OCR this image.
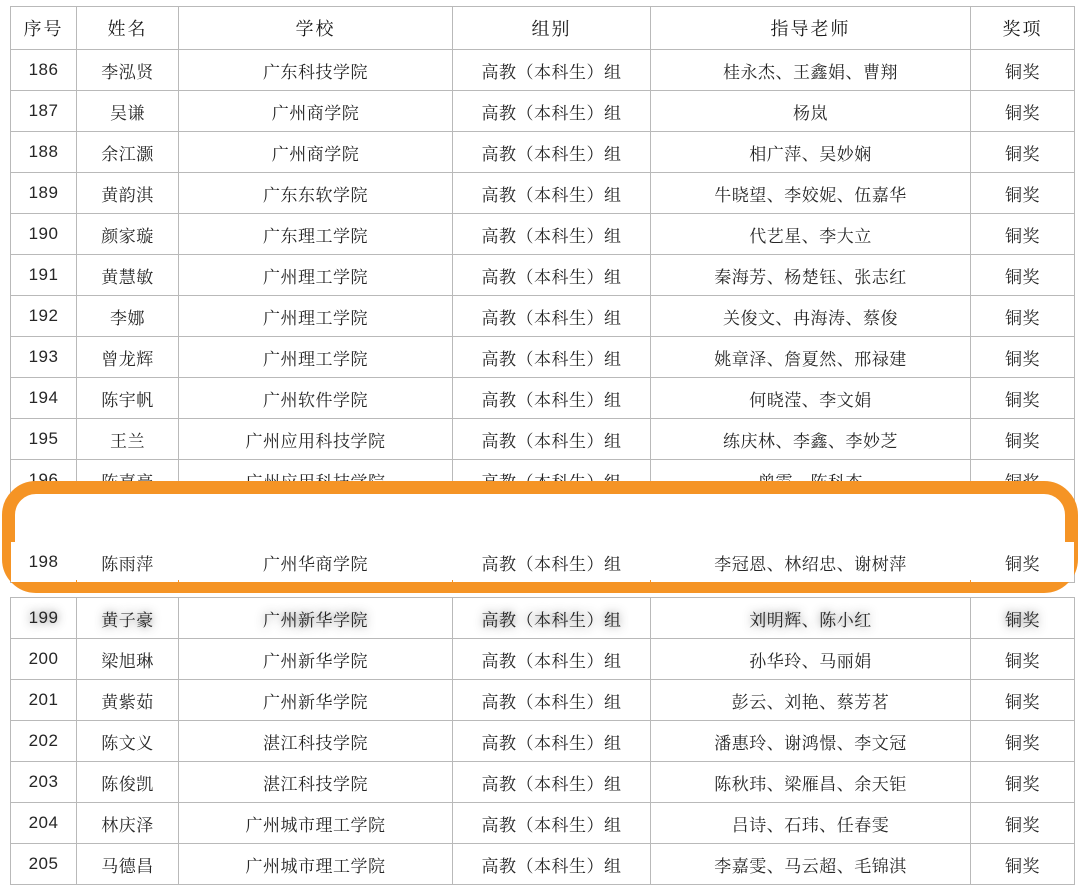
序号	姓名	学校	组别	指导老师	奖项
186	李泓贤	广东科技学院	高教（本科生）组	桂永杰、王鑫娟、曹翔	铜奖
187	吴谦	广州商学院	高教（本科生）组	杨岚	铜奖
188	余江灏	广州商学院	高教（本科生）组	相广萍、吴妙娴	铜奖
189	黄韵淇	广东东软学院	高教（本科生）组	牛晓望、李姣妮、伍嘉华	铜奖
190	颜家璇	广东理工学院	高教（本科生）组	代艺星、李大立	铜奖
191	黄慧敏	广州理工学院	高教（本科生）组	秦海芳、杨楚钰、张志红	铜奖
192	李娜	广州理工学院	高教（本科生）组	关俊文、冉海涛、蔡俊	铜奖
193	曾龙辉	广州理工学院	高教（本科生）组	姚章泽、詹夏然、邢禄建	铜奖
194	陈宇帆	广州软件学院	高教（本科生）组	何晓滢、李文娟	铜奖
195	王兰	广州应用科技学院	高教（本科生）组	练庆林、李鑫、李妙芝	铜奖
196	陈嘉豪	广州应用科技学院	高教（本科生）组	曾霞、陈科杰	铜奖

198	陈雨萍	广州华商学院	高教（本科生）组	李冠恩、林绍忠、谢树萍	铜奖

199	黄子豪	广州新华学院	高教（本科生）组	刘明辉、陈小红	铜奖
200	梁旭琳	广州新华学院	高教（本科生）组	孙华玲、马丽娟	铜奖
201	黄紫茹	广州新华学院	高教（本科生）组	彭云、刘艳、蔡芳茗	铜奖
202	陈文义	湛江科技学院	高教（本科生）组	潘惠玲、谢鸿憬、李文冠	铜奖
203	陈俊凯	湛江科技学院	高教（本科生）组	陈秋玮、梁雁昌、余天钜	铜奖
204	林庆泽	广州城市理工学院	高教（本科生）组	吕诗、石玮、任春雯	铜奖
205	马德昌	广州城市理工学院	高教（本科生）组	李嘉雯、马云超、毛锦淇	铜奖
